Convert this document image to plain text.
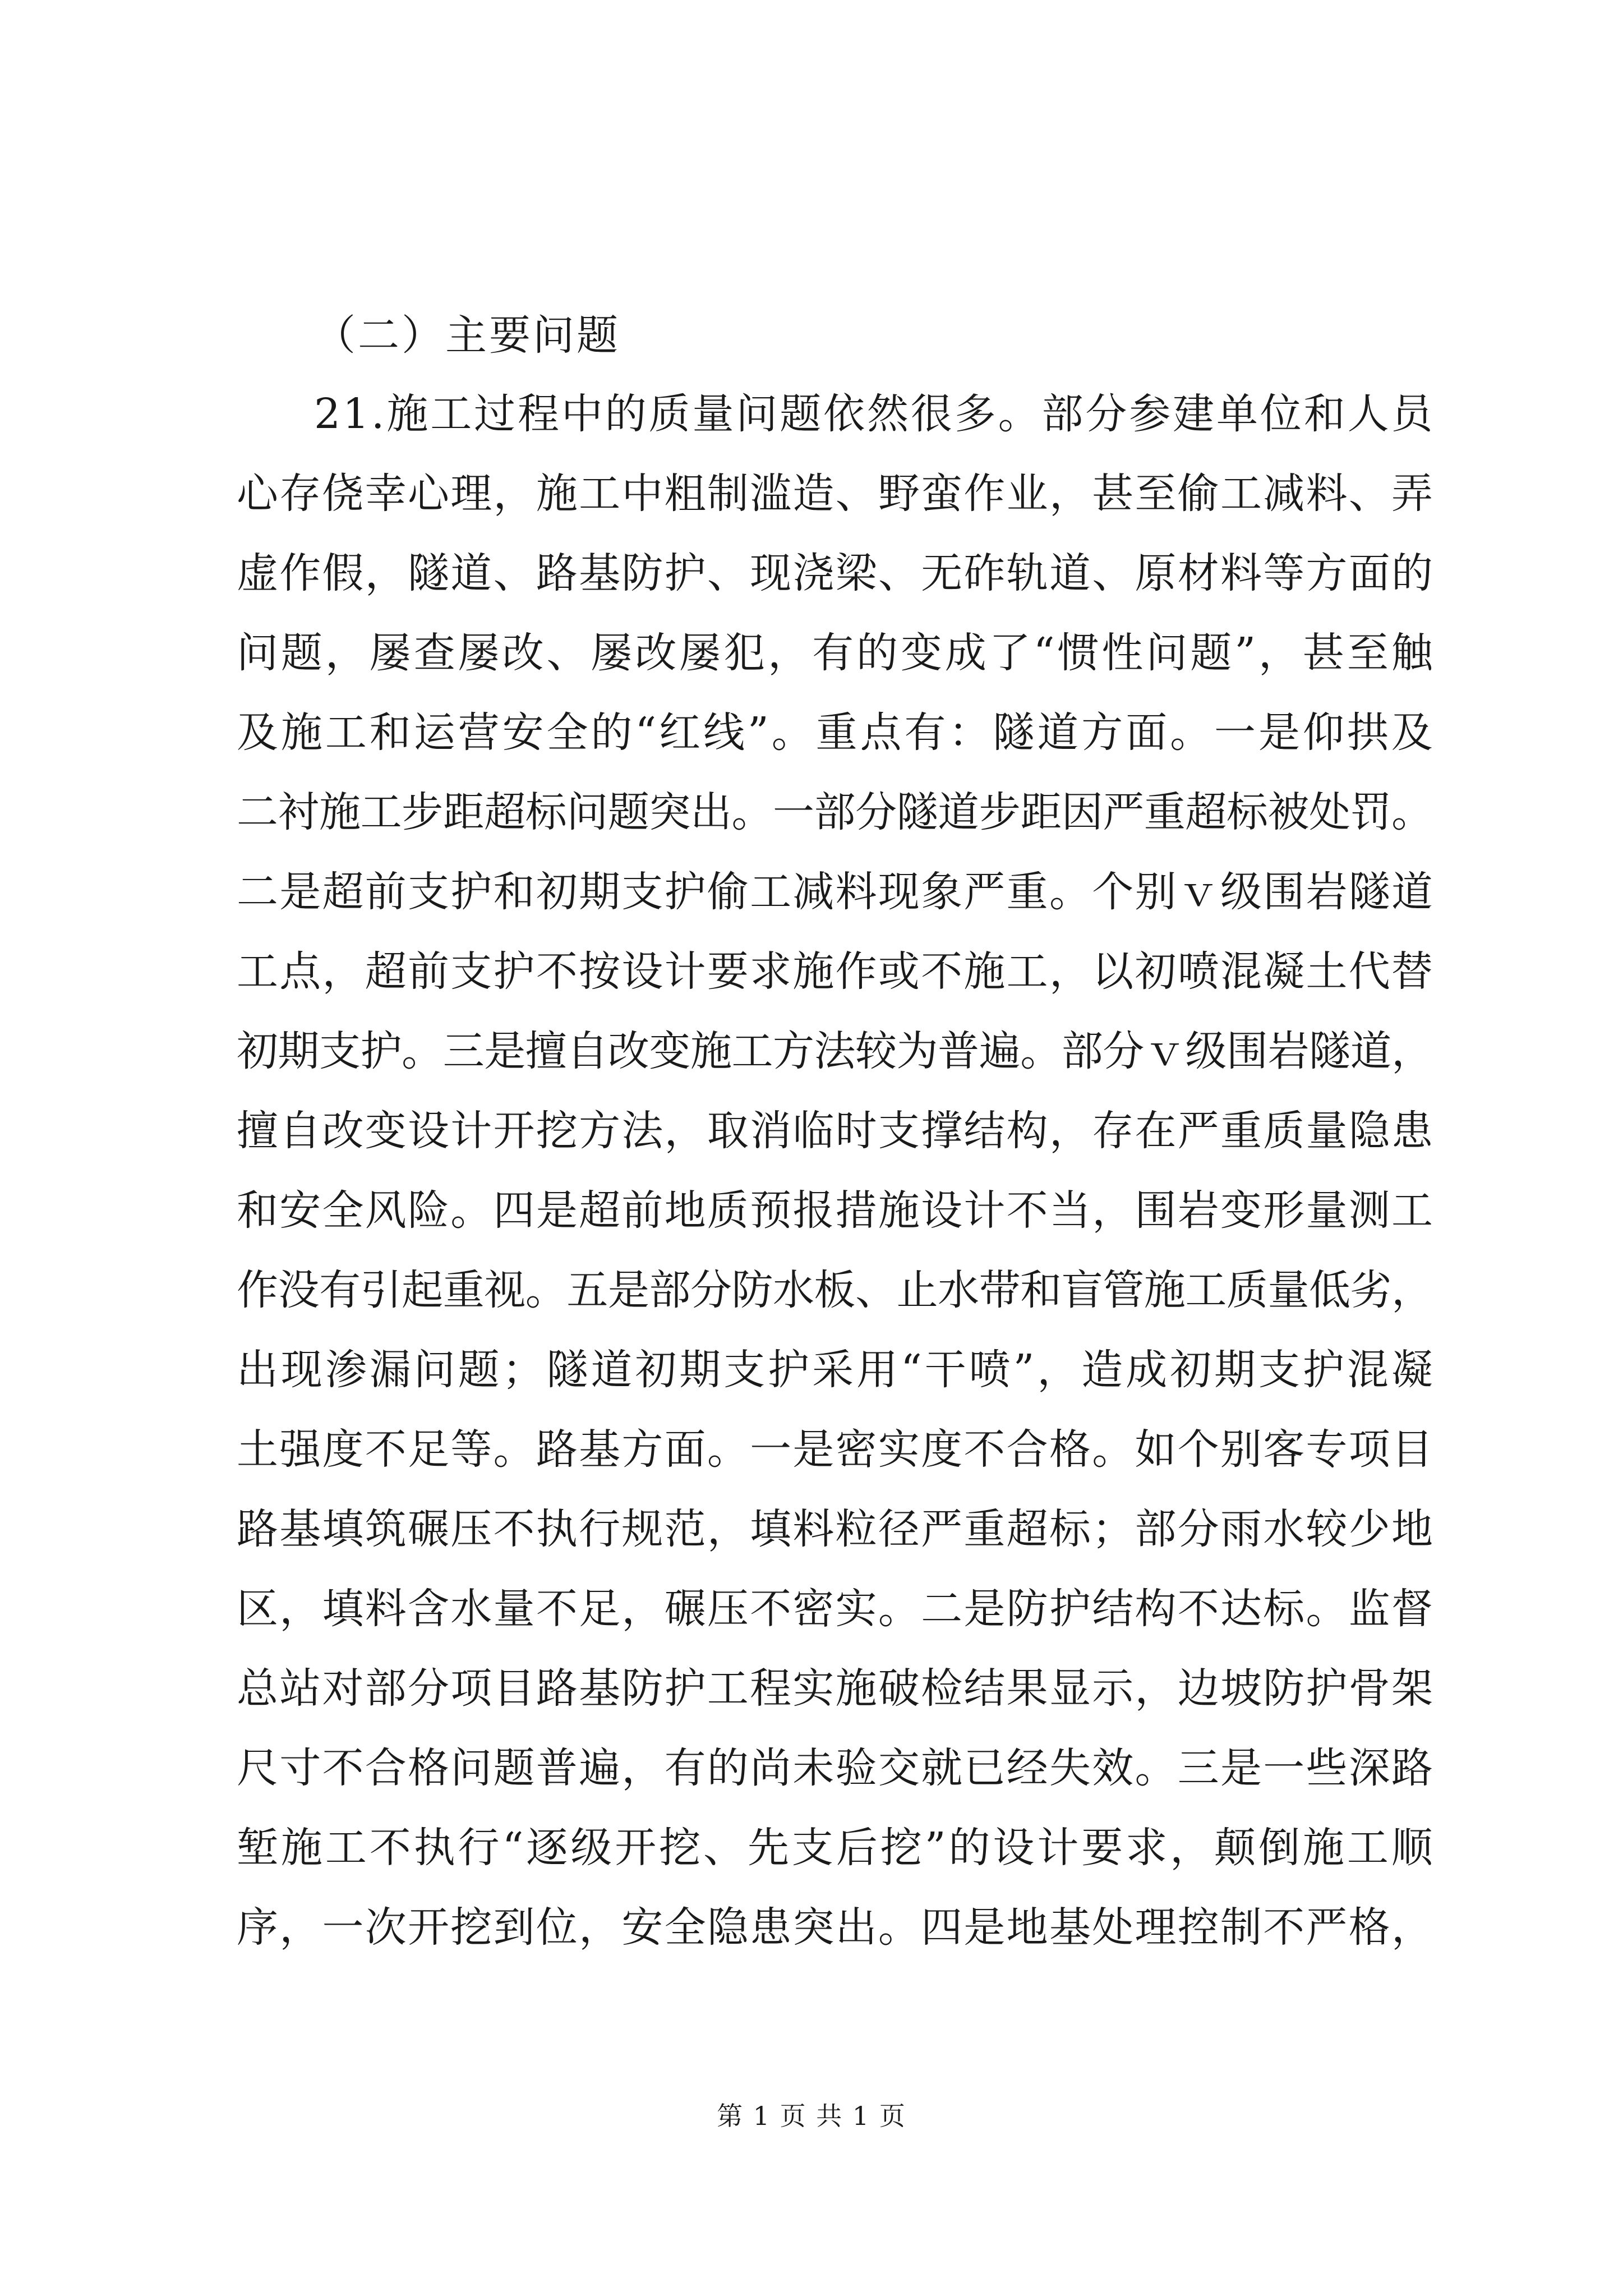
（二）主要问题
21.施工过程中的质量问题依然很多。部分参建单位和人员
心存侥幸心理，施工中粗制滥造、野蛮作业，甚至偷工减料、弄
虚作假，隧道、路基防护、现浇梁、无砟轨道、原材料等方面的
问题，屡查屡改、屡改屡犯，有的变成了“惯性问题”，甚至触
及施工和运营安全的“红线”。重点有：隧道方面。一是仰拱及
二衬施工步距超标问题突出。一部分隧道步距因严重超标被处罚。
二是超前支护和初期支护偷工减料现象严重。个别ｖ级围岩隧道
工点，超前支护不按设计要求施作或不施工，以初喷混凝土代替
初期支护。三是擅自改变施工方法较为普遍。部分ｖ级围岩隧道，
擅自改变设计开挖方法，取消临时支撑结构，存在严重质量隐患
和安全风险。四是超前地质预报措施设计不当，围岩变形量测工
作没有引起重视。五是部分防水板、止水带和盲管施工质量低劣，
出现渗漏问题；隧道初期支护采用“干喷”，造成初期支护混凝
土强度不足等。路基方面。一是密实度不合格。如个别客专项目
路基填筑碾压不执行规范，填料粒径严重超标；部分雨水较少地
区，填料含水量不足，碾压不密实。二是防护结构不达标。监督
总站对部分项目路基防护工程实施破检结果显示，边坡防护骨架
尺寸不合格问题普遍，有的尚未验交就已经失效。三是一些深路
堑施工不执行“逐级开挖、先支后挖”的设计要求，颠倒施工顺
序，一次开挖到位，安全隐患突出。四是地基处理控制不严格，
第 1 页 共 1 页
